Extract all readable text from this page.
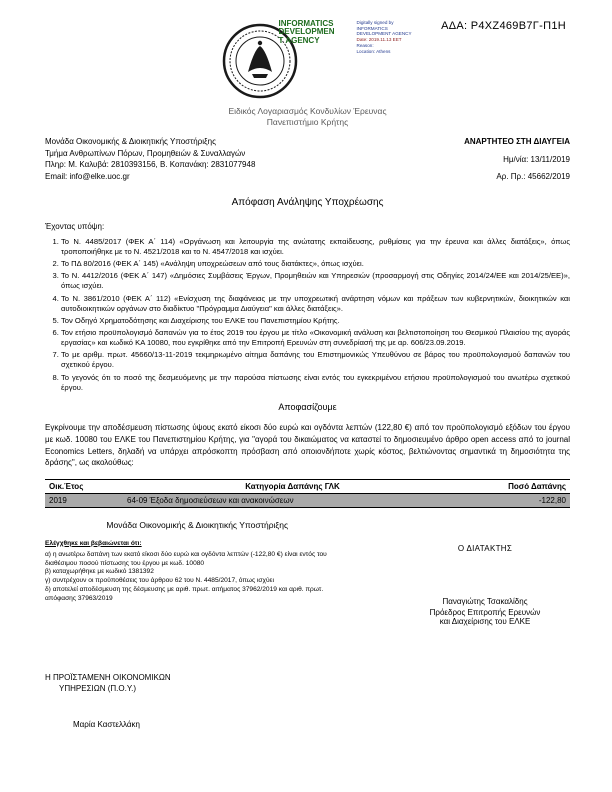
ΑΔΑ: Ρ4ΧΖ469Β7Γ-Π1Η
INFORMATICS
DEVELOPMEN
T AGENCY
Digitally signed by
INFORMATICS
DEVELOPMENT AGENCY
Date: 2019.11.13 EET
Reason:
Location: Athens
Ειδικός Λογαριασμός Κονδυλίων Έρευνας
Πανεπιστήμιο Κρήτης
Μονάδα Οικονομικής & Διοικητικής Υποστήριξης
Τμήμα Ανθρωπίνων Πόρων, Προμηθειών & Συναλλαγών
Πληρ: Μ. Καλυβά: 2810393156, Β. Κοπανάκη: 2831077948
Email: info@elke.uoc.gr
ΑΝΑΡΤΗΤΕΟ ΣΤΗ ΔΙΑΥΓΕΙΑ
Ημ/νία: 13/11/2019
Αρ. Πρ.: 45662/2019
Απόφαση Ανάληψης Υποχρέωσης
Έχοντας υπόψη:
1. Το Ν. 4485/2017 (ΦΕΚ Α΄ 114) «Οργάνωση και λειτουργία της ανώτατης εκπαίδευσης, ρυθμίσεις για την έρευνα και άλλες διατάξεις», όπως τροποποιήθηκε με το Ν. 4521/2018 και το Ν. 4547/2018 και ισχύει.
2. Το ΠΔ 80/2016 (ΦΕΚ Α΄ 145) «Ανάληψη υποχρεώσεων από τους διατάκτες», όπως ισχύει.
3. Το Ν. 4412/2016 (ΦΕΚ Α΄ 147) «Δημόσιες Συμβάσεις Έργων, Προμηθειών και Υπηρεσιών (προσαρμογή στις Οδηγίες 2014/24/ΕΕ και 2014/25/ΕΕ)», όπως ισχύει.
4. Το Ν. 3861/2010 (ΦΕΚ Α΄ 112) «Ενίσχυση της διαφάνειας με την υποχρεωτική ανάρτηση νόμων και πράξεων των κυβερνητικών, διοικητικών και αυτοδιοικητικών οργάνων στο διαδίκτυο "Πρόγραμμα Διαύγεια" και άλλες διατάξεις».
5. Τον Οδηγό Χρηματοδότησης και Διαχείρισης του ΕΛΚΕ του Πανεπιστημίου Κρήτης.
6. Τον ετήσιο προϋπολογισμό δαπανών για το έτος 2019 του έργου με τίτλο «Οικονομική ανάλυση και βελτιστοποίηση του Θεσμικού Πλαισίου της αγοράς εργασίας» και κωδικό ΚΑ 10080, που εγκρίθηκε από την Επιτροπή Ερευνών στη συνεδρίασή της με αρ. 606/23.09.2019.
7. Το με αριθμ. πρωτ. 45660/13-11-2019 τεκμηριωμένο αίτημα δαπάνης του Επιστημονικώς Υπευθύνου σε βάρος του προϋπολογισμού δαπανών του σχετικού έργου.
8. Το γεγονός ότι το ποσό της δεσμευόμενης με την παρούσα πίστωσης είναι εντός του εγκεκριμένου ετήσιου προϋπολογισμού του ανωτέρω σχετικού έργου.
Αποφασίζουμε

Εγκρίνουμε την αποδέσμευση πίστωσης ύψους εκατό είκοσι δύο ευρώ και ογδόντα λεπτών (122,80 €) από τον προϋπολογισμό εξόδων του έργου με κωδ. 10080 του ΕΛΚΕ του Πανεπιστημίου Κρήτης, για "αγορά του δικαιώματος να καταστεί το δημοσιευμένο άρθρο open access από το journal Economics Letters, δηλαδή να υπάρχει απρόσκοπτη πρόσβαση από οποιονδήποτε χωρίς κόστος, βελτιώνοντας σημαντικά τη δημοσιότητα της δράσης", ως ακολούθως:

Οικ.Έτος	Κατηγορία Δαπάνης ΓΛΚ	Ποσό Δαπάνης
2019	64-09 Έξοδα δημοσιεύσεων και ανακοινώσεων	-122,80
Μονάδα Οικονομικής & Διοικητικής Υποστήριξης
Ελέγχθηκε και βεβαιώνεται ότι:
α) η ανωτέρω δαπάνη των εκατό είκοσι δύο ευρώ και ογδόντα λεπτών (-122,80 €) είναι εντός του διαθέσιμου ποσού πίστωσης του έργου με κωδ. 10080
β) καταχωρήθηκε με κωδικό 1381392
γ) συντρέχουν οι προϋποθέσεις του άρθρου 62 του Ν. 4485/2017, όπως ισχύει
δ) αποτελεί αποδέσμευση της δέσμευσης με αριθ. πρωτ. αιτήματος 37962/2019 και αριθ. πρωτ. απόφασης 37963/2019
Ο ΔΙΑΤΑΚΤΗΣ
Παναγιώτης Τσακαλίδης
Πρόεδρος Επιτροπής Ερευνών
και Διαχείρισης του ΕΛΚΕ
Η ΠΡΟΪΣΤΑΜΕΝΗ ΟΙΚΟΝΟΜΙΚΩΝ
ΥΠΗΡΕΣΙΩΝ (Π.Ο.Υ.)
Μαρία Καστελλάκη
